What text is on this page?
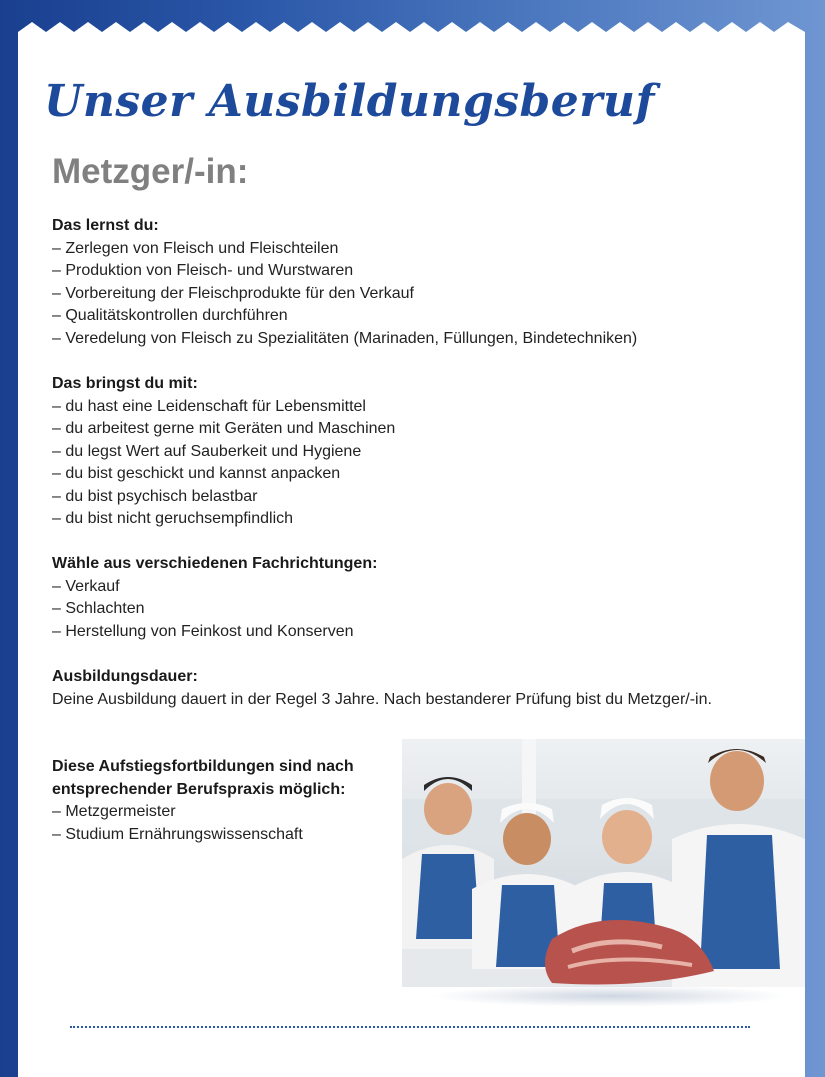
Unser Ausbildungsberuf
Metzger/-in:
Das lernst du:
– Zerlegen von Fleisch und Fleischteilen
– Produktion von Fleisch- und Wurstwaren
– Vorbereitung der Fleischprodukte für den Verkauf
– Qualitätskontrollen durchführen
– Veredelung von Fleisch zu Spezialitäten (Marinaden, Füllungen, Bindetechniken)
Das bringst du mit:
– du hast eine Leidenschaft für Lebensmittel
– du arbeitest gerne mit Geräten und Maschinen
– du legst Wert auf Sauberkeit und Hygiene
– du bist geschickt und kannst anpacken
– du bist psychisch belastbar
– du bist nicht geruchsempfindlich
Wähle aus verschiedenen Fachrichtungen:
– Verkauf
– Schlachten
– Herstellung von Feinkost und Konserven
Ausbildungsdauer:
Deine Ausbildung dauert in der Regel 3 Jahre. Nach bestanderer Prüfung bist du Metzger/-in.
Diese Aufstiegsfortbildungen sind nach entsprechender Berufspraxis möglich:
– Metzgermeister
– Studium Ernährungswissenschaft
